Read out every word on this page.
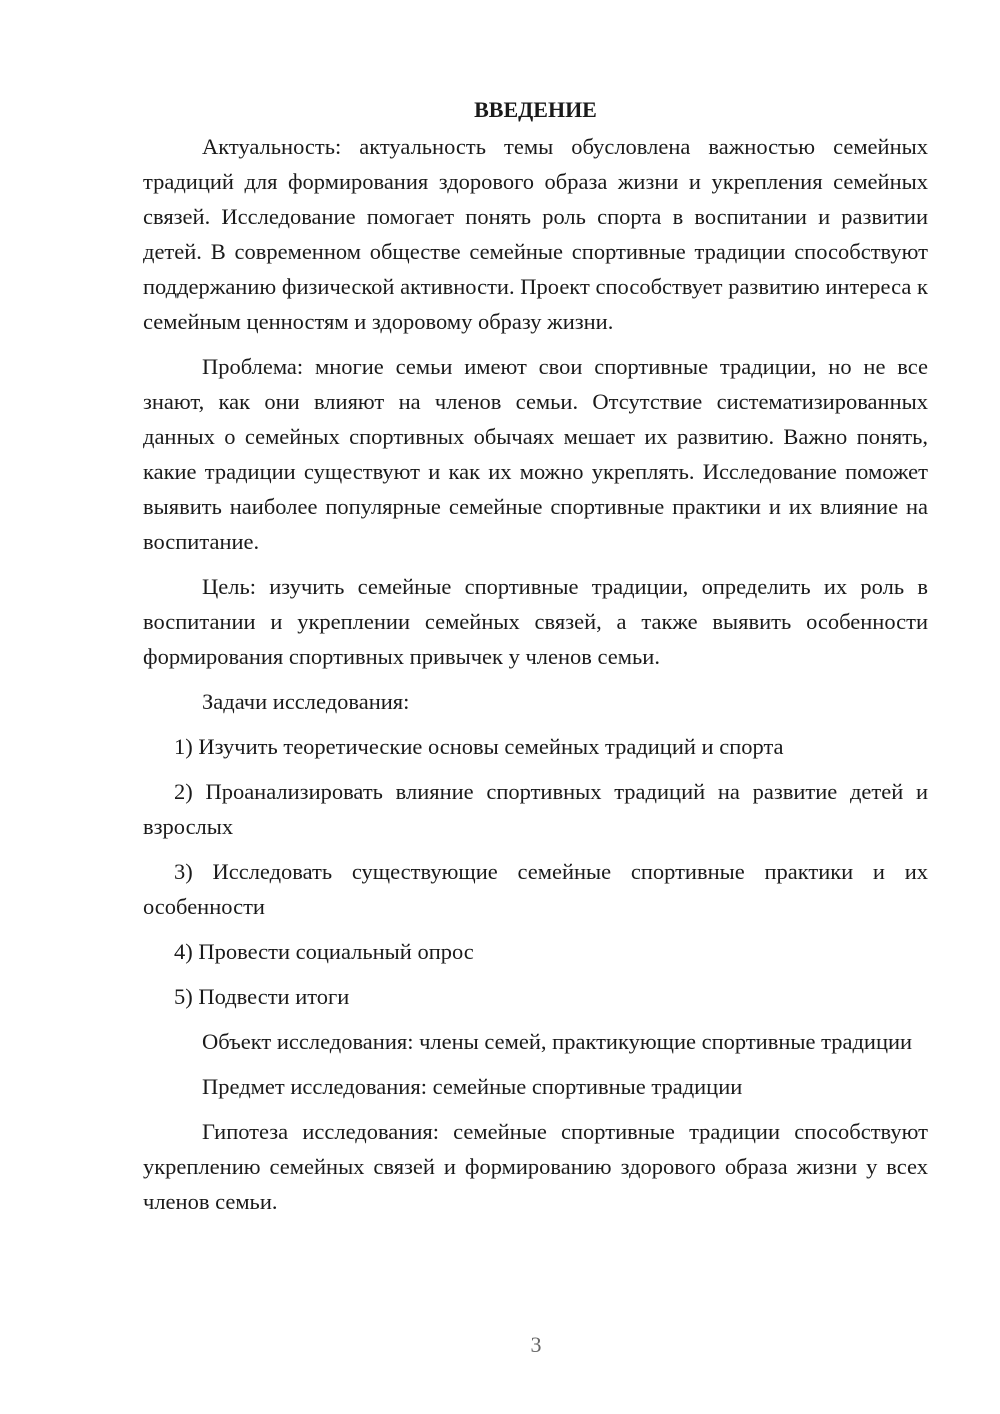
ВВЕДЕНИЕ

Актуальность: актуальность темы обусловлена важностью семейных традиций для формирования здорового образа жизни и укрепления семейных связей. Исследование помогает понять роль спорта в воспитании и развитии детей. В современном обществе семейные спортивные традиции способствуют поддержанию физической активности. Проект способствует развитию интереса к семейным ценностям и здоровому образу жизни.

Проблема: многие семьи имеют свои спортивные традиции, но не все знают, как они влияют на членов семьи. Отсутствие систематизированных данных о семейных спортивных обычаях мешает их развитию. Важно понять, какие традиции существуют и как их можно укреплять. Исследование поможет выявить наиболее популярные семейные спортивные практики и их влияние на воспитание.

Цель: изучить семейные спортивные традиции, определить их роль в воспитании и укреплении семейных связей, а также выявить особенности формирования спортивных привычек у членов семьи.

Задачи исследования:

1) Изучить теоретические основы семейных традиций и спорта

2) Проанализировать влияние спортивных традиций на развитие детей и взрослых

3) Исследовать существующие семейные спортивные практики и их особенности

4) Провести социальный опрос

5) Подвести итоги

Объект исследования: члены семей, практикующие спортивные традиции

Предмет исследования: семейные спортивные традиции

Гипотеза исследования: семейные спортивные традиции способствуют укреплению семейных связей и формированию здорового образа жизни у всех членов семьи.

3
